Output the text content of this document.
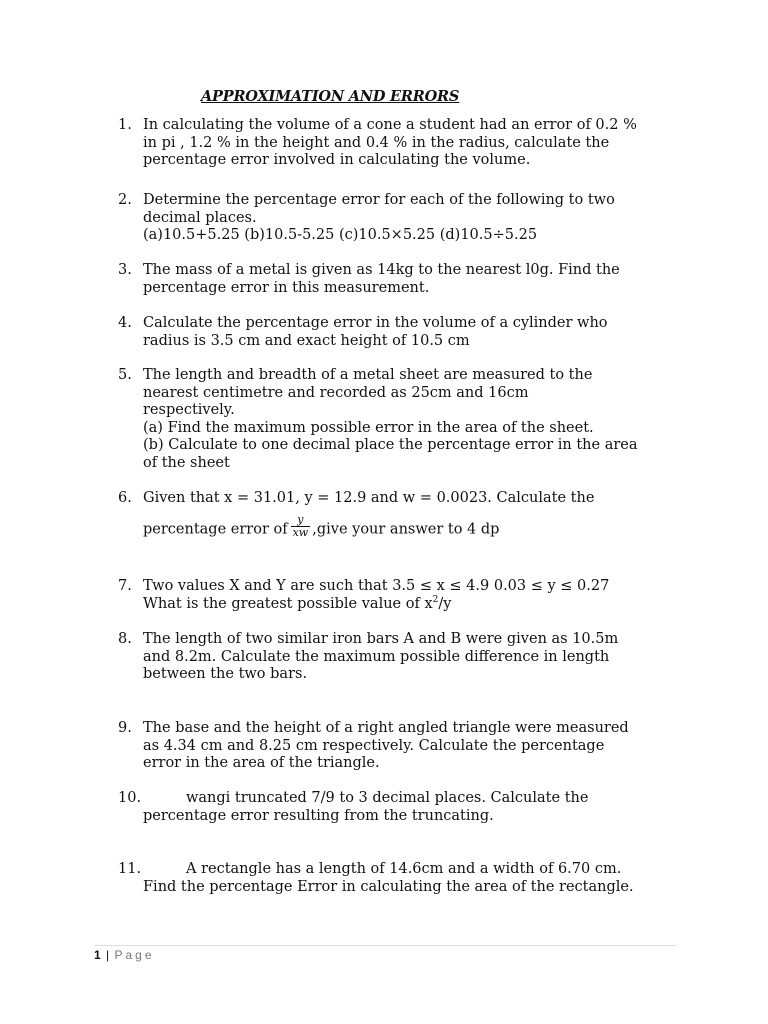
APPROXIMATION AND ERRORS
1. In calculating the volume of a cone a student had an error of 0.2 %
in pi , 1.2 % in the height and 0.4 % in the radius, calculate the
percentage error involved in calculating the volume.
2. Determine the percentage error for each of the following to two
decimal places.
(a)10.5+5.25 (b)10.5-5.25 (c)10.5×5.25 (d)10.5÷5.25
3. The mass of a metal is given as 14kg to the nearest l0g. Find the
percentage error in this measurement.
4. Calculate the percentage error in the volume of a cylinder who
radius is 3.5 cm and exact height of 10.5 cm
5. The length and breadth of a metal sheet are measured to the
nearest centimetre and recorded as 25cm and 16cm
respectively.
(a) Find the maximum possible error in the area of the sheet.
(b) Calculate to one decimal place the percentage error in the area
of the sheet
6. Given that x = 31.01, y = 12.9 and w = 0.0023. Calculate the
percentage error of $\frac{y}{xw}$ ,give your answer to 4 dp
7. Two values X and Y are such that 3.5 ≤ x ≤ 4.9 0.03 ≤ y ≤ 0.27
What is the greatest possible value of $x^2/y$
8. The length of two similar iron bars A and B were given as 10.5m
and 8.2m. Calculate the maximum possible difference in length
between the two bars.
9. The base and the height of a right angled triangle were measured
as 4.34 cm and 8.25 cm respectively. Calculate the percentage
error in the area of the triangle.
10.	wangi truncated 7/9 to 3 decimal places. Calculate the
percentage error resulting from the truncating.
11.	A rectangle has a length of 14.6cm and a width of 6.70 cm.
Find the percentage Error in calculating the area of the rectangle.
1 | Page
